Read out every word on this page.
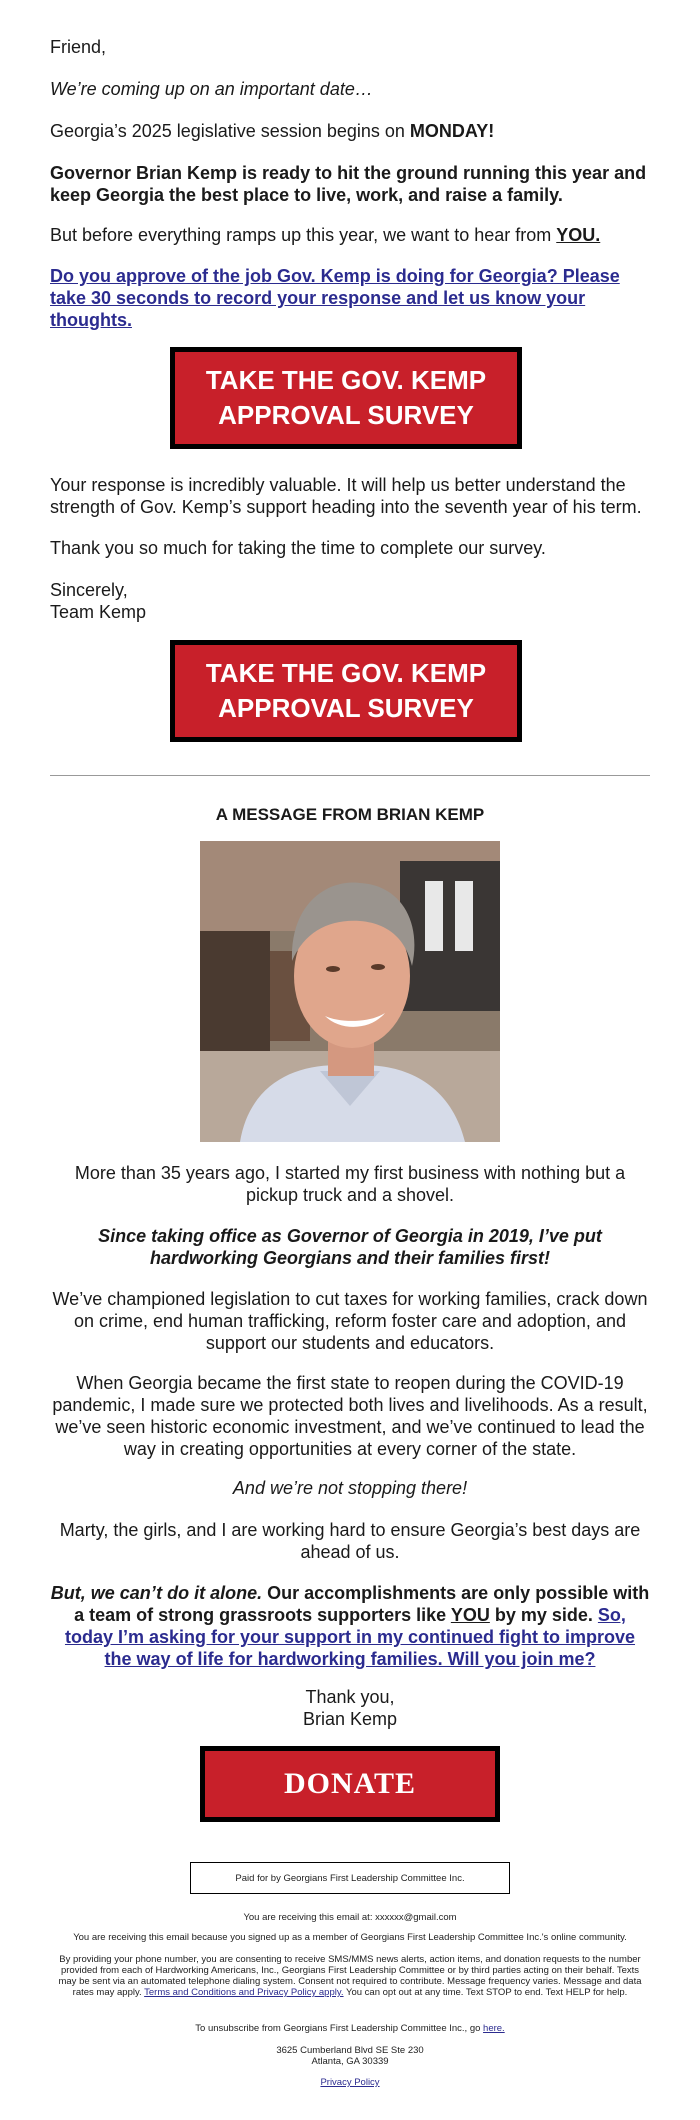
Friend,

We’re coming up on an important date…

Georgia’s 2025 legislative session begins on MONDAY!

Governor Brian Kemp is ready to hit the ground running this year and keep Georgia the best place to live, work, and raise a family.

But before everything ramps up this year, we want to hear from YOU.

Do you approve of the job Gov. Kemp is doing for Georgia? Please take 30 seconds to record your response and let us know your thoughts.

TAKE THE GOV. KEMP
APPROVAL SURVEY

Your response is incredibly valuable. It will help us better understand the strength of Gov. Kemp’s support heading into the seventh year of his term.

Thank you so much for taking the time to complete our survey.

Sincerely,

Team Kemp

TAKE THE GOV. KEMP
APPROVAL SURVEY

A MESSAGE FROM BRIAN KEMP

More than 35 years ago, I started my first business with nothing but a pickup truck and a shovel.

Since taking office as Governor of Georgia in 2019, I’ve put hardworking Georgians and their families first!

We’ve championed legislation to cut taxes for working families, crack down on crime, end human trafficking, reform foster care and adoption, and support our students and educators.

When Georgia became the first state to reopen during the COVID-19 pandemic, I made sure we protected both lives and livelihoods. As a result, we’ve seen historic economic investment, and we’ve continued to lead the way in creating opportunities at every corner of the state.

And we’re not stopping there!

Marty, the girls, and I are working hard to ensure Georgia’s best days are ahead of us.

But, we can’t do it alone. Our accomplishments are only possible with a team of strong grassroots supporters like YOU by my side. So, today I’m asking for your support in my continued fight to improve the way of life for hardworking families. Will you join me?

Thank you,

Brian Kemp

DONATE
Paid for by Georgians First Leadership Committee Inc.

You are receiving this email at: xxxxxx@gmail.com

You are receiving this email because you signed up as a member of Georgians First Leadership Committee Inc.'s online community.

By providing your phone number, you are consenting to receive SMS/MMS news alerts, action items, and donation requests to the number provided from each of Hardworking Americans, Inc., Georgians First Leadership Committee or by third parties acting on their behalf. Texts may be sent via an automated telephone dialing system. Consent not required to contribute. Message frequency varies. Message and data rates may apply. Terms and Conditions and Privacy Policy apply. You can opt out at any time. Text STOP to end. Text HELP for help.

To unsubscribe from Georgians First Leadership Committee Inc., go here.

3625 Cumberland Blvd SE Ste 230

Atlanta, GA 30339

Privacy Policy
